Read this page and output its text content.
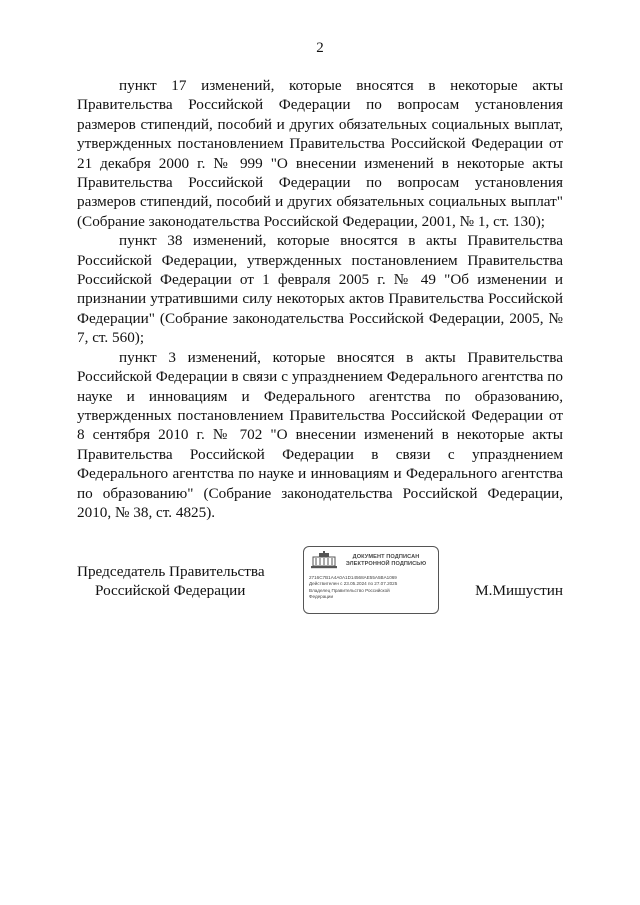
2

пункт 17 изменений, которые вносятся в некоторые акты Правительства Российской Федерации по вопросам установления размеров стипендий, пособий и других обязательных социальных выплат, утвержденных постановлением Правительства Российской Федерации от 21 декабря 2000 г. № 999 "О внесении изменений в некоторые акты Правительства Российской Федерации по вопросам установления размеров стипендий, пособий и других обязательных социальных выплат" (Собрание законодательства Российской Федерации, 2001, № 1, ст. 130);

пункт 38 изменений, которые вносятся в акты Правительства Российской Федерации, утвержденных постановлением Правительства Российской Федерации от 1 февраля 2005 г. № 49 "Об изменении и признании утратившими силу некоторых актов Правительства Российской Федерации" (Собрание законодательства Российской Федерации, 2005, № 7, ст. 560);

пункт 3 изменений, которые вносятся в акты Правительства Российской Федерации в связи с упразднением Федерального агентства по науке и инновациям и Федерального агентства по образованию, утвержденных постановлением Правительства Российской Федерации от 8 сентября 2010 г. № 702 "О внесении изменений в некоторые акты Правительства Российской Федерации в связи с упразднением Федерального агентства по науке и инновациям и Федерального агентства по образованию" (Собрание законодательства Российской Федерации, 2010, № 38, ст. 4825).

Председатель Правительства
Российской Федерации
ДОКУМЕНТ ПОДПИСАН
ЭЛЕКТРОННОЙ ПОДПИСЬЮ
2716C7B1A4A0A1D14568AE55A5BA1069
Действителен с 23.05.2024 по 27.07.2025
Владелец Правительство Российской
Федерации	М.Мишустин
